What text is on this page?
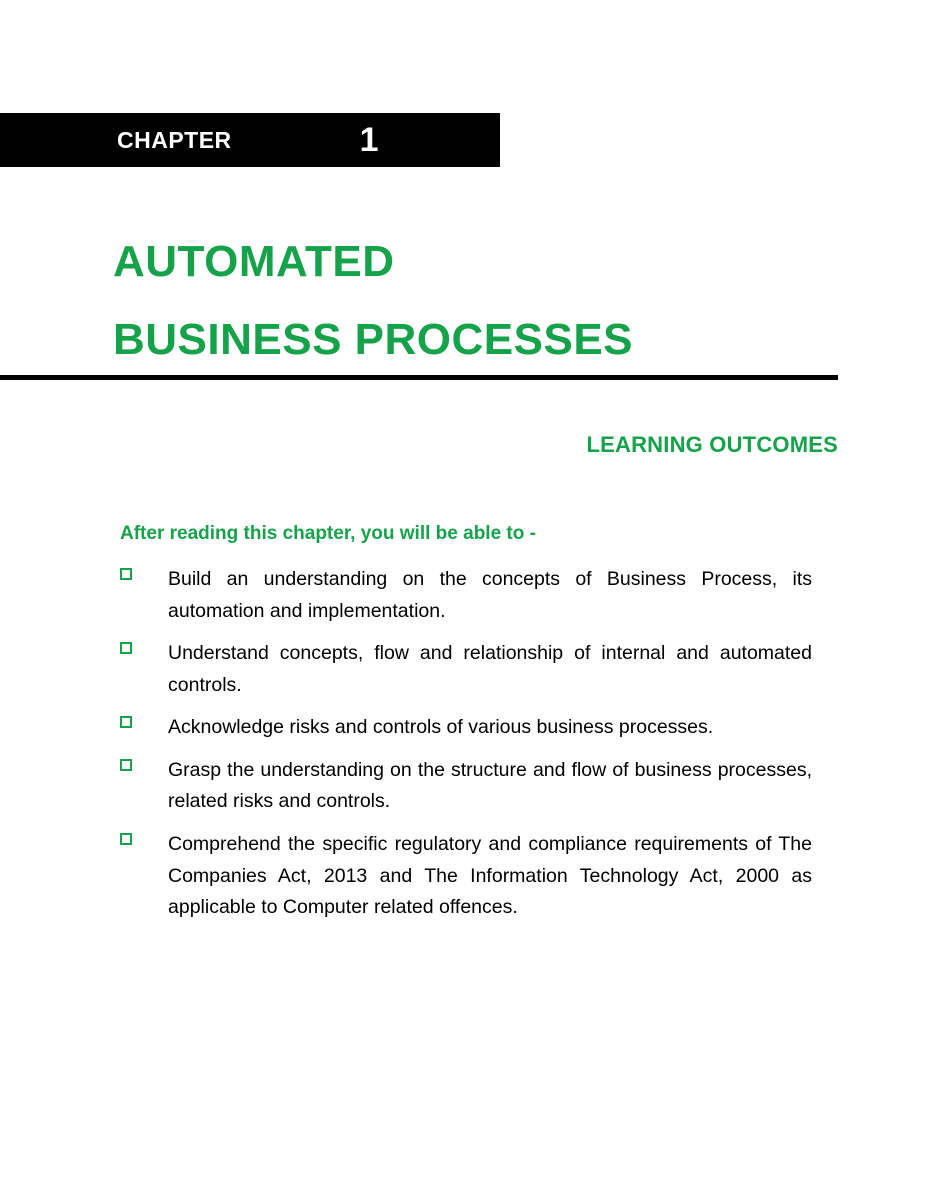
CHAPTER	1
AUTOMATED
BUSINESS PROCESSES
LEARNING OUTCOMES
After reading this chapter, you will be able to -
Build an understanding on the concepts of Business Process, its automation and implementation.
Understand concepts, flow and relationship of internal and automated controls.
Acknowledge risks and controls of various business processes.
Grasp the understanding on the structure and flow of business processes, related risks and controls.
Comprehend the specific regulatory and compliance requirements of The Companies Act, 2013 and The Information Technology Act, 2000 as applicable to Computer related offences.
